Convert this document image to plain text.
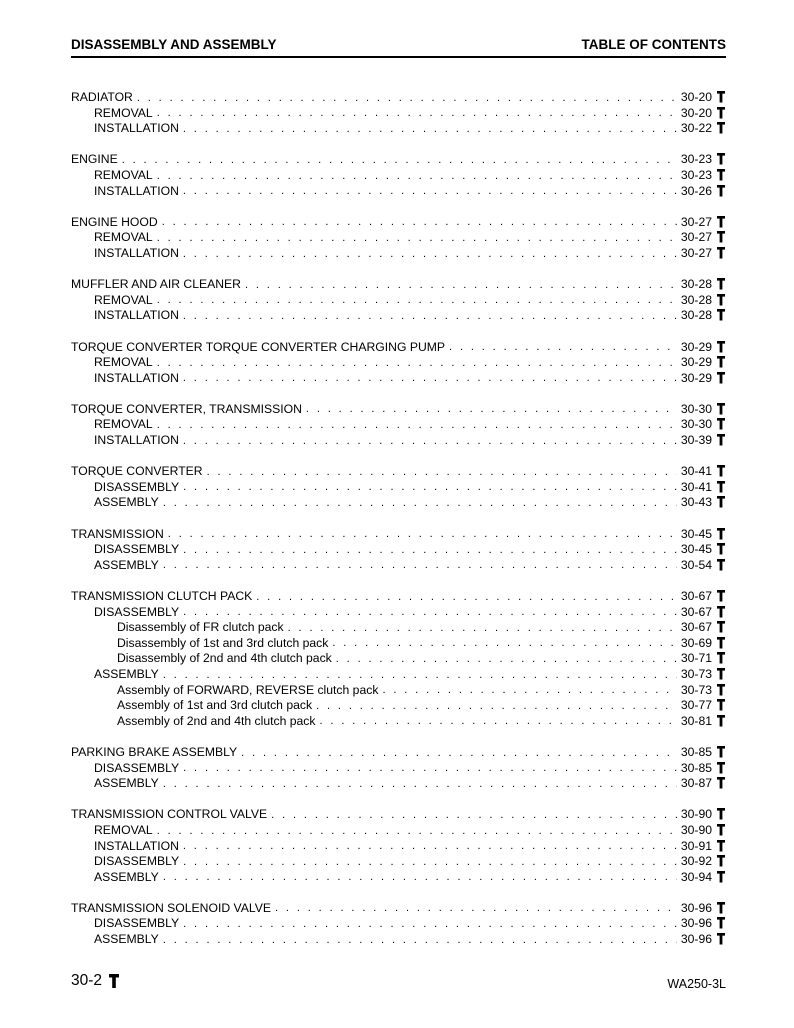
DISASSEMBLY AND ASSEMBLY	TABLE OF CONTENTS
RADIATOR . . .	30-20
REMOVAL . . .	30-20
INSTALLATION . . .	30-22
ENGINE . . .	30-23
REMOVAL . . .	30-23
INSTALLATION . . .	30-26
ENGINE HOOD . . .	30-27
REMOVAL . . .	30-27
INSTALLATION . . .	30-27
MUFFLER AND AIR CLEANER . . .	30-28
REMOVAL . . .	30-28
INSTALLATION . . .	30-28
TORQUE CONVERTER TORQUE CONVERTER CHARGING PUMP . . .	30-29
REMOVAL . . .	30-29
INSTALLATION . . .	30-29
TORQUE CONVERTER, TRANSMISSION . . .	30-30
REMOVAL . . .	30-30
INSTALLATION . . .	30-39
TORQUE CONVERTER . . .	30-41
DISASSEMBLY . . .	30-41
ASSEMBLY . . .	30-43
TRANSMISSION . . .	30-45
DISASSEMBLY . . .	30-45
ASSEMBLY . . .	30-54
TRANSMISSION CLUTCH PACK . . .	30-67
DISASSEMBLY . . .	30-67
Disassembly of FR clutch pack . . .	30-67
Disassembly of 1st and 3rd clutch pack . . .	30-69
Disassembly of 2nd and 4th clutch pack . . .	30-71
ASSEMBLY . . .	30-73
Assembly of FORWARD, REVERSE clutch pack . . .	30-73
Assembly of 1st and 3rd clutch pack . . .	30-77
Assembly of 2nd and 4th clutch pack . . .	30-81
PARKING BRAKE ASSEMBLY . . .	30-85
DISASSEMBLY . . .	30-85
ASSEMBLY . . .	30-87
TRANSMISSION CONTROL VALVE . . .	30-90
REMOVAL . . .	30-90
INSTALLATION . . .	30-91
DISASSEMBLY . . .	30-92
ASSEMBLY . . .	30-94
TRANSMISSION SOLENOID VALVE . . .	30-96
DISASSEMBLY . . .	30-96
ASSEMBLY . . .	30-96
30-2	WA250-3L
